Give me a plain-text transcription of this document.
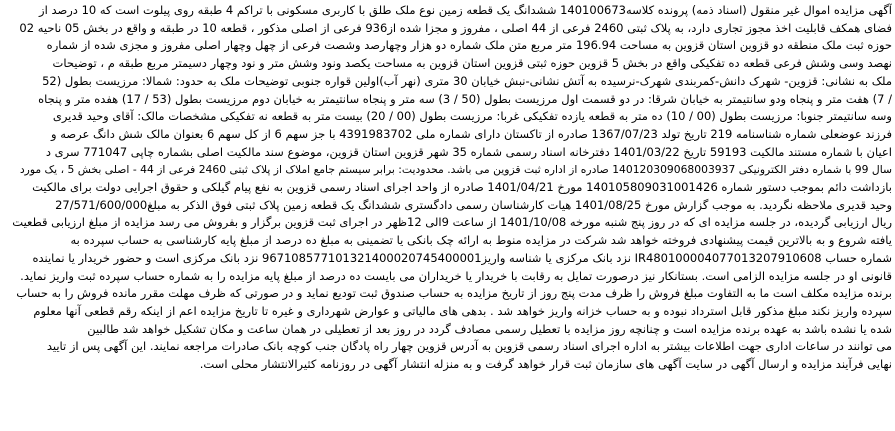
آگهی مزایده اموال غیر منقول (اسناد ذمه) پرونده کلاسه140100673 ششدانگ یک قطعه زمین نوع ملک طلق با کاربری مسکونی با تراکم 4 طبقه روی پیلوت است که 10 درصد از
فضای همکف قابلیت اخذ مجوز تجاری دارد، به پلاک ثبتی 2460 فرعی از 44 اصلی ، مفروز و مجزا شده از936 فرعی از اصلی مذکور ، قطعه 10 در طبقه و واقع در بخش 05 ناحیه 02
حوزه ثبت ملک منطقه دو قزوین استان قزوین به مساحت 196.94 متر مربع متن ملک شماره دو هزار وچهارصد وشصت فرعی از چهل وچهار اصلی مفروز و مجزی شده از شماره
نهصد وسی وشش فرعی قطعه ده تفکیکی واقع در بخش 5 قزوین حوزه ثبتی قزوین استان قزوین به مساحت یکصد ونود وشش متر و نود وچهار دسیمتر مربع طبقه م ، توضیحات
ملک به نشانی: قزوین- شهرک دانش-کمربندی شهرک-نرسیده به آتش نشانی-نبش خیابان 30 متری (نهر آب)اولین قواره جنوبی توضیحات ملک به حدود: شمالا: مرزیست بطول (52
/ 7) هفت متر و پنجاه ودو سانتیمتر به خیابان شرقا: در دو قسمت اول مرزیست بطول (50 / 3) سه متر و پنجاه سانتیمتر به خیابان دوم مرزیست بطول (53 / 17) هفده متر و پنجاه
وسه سانتیمتر جنوبا: مرزیست بطول (00 / 10) ده متر به قطعه یازده تفکیکی غربا: مرزیست بطول (00 / 20) بیست متر به قطعه نه تفکیکی مشخصات مالک: آقای وحید قدیری
فرزند عوضعلی شماره شناسنامه 219 تاریخ تولد 1367/07/23 صادره از تاکستان دارای شماره ملی 4391983702 با جز سهم 6 از کل سهم 6 بعنوان مالک شش دانگ عرصه و
اعیان با شماره مستند مالکیت 59193 تاریخ 1401/03/22 دفترخانه اسناد رسمی شماره 35 شهر قزوین استان قزوین، موضوع سند مالکیت اصلی بشماره چاپی 771047 سری د
سال 99 با شماره دفتر الکترونیکی 140120309068003937 صادره از اداره ثبت قزوین می باشد. محدودیت: برابر سیستم جامع املاک از پلاک ثبتی 2460 فرعی از 44 - اصلی بخش 5 ، یک مورد
بازداشت دائم بموجب دستور شماره 140105809031001426 مورخ 1401/04/21 صادره از واحد اجرای اسناد رسمی قزوین به نفع پیام گیلکی و حقوق اجرایی دولت برای مالکیت
وحید قدیری ملاحظه نگردید. به موجب گزارش مورخ 1401/08/25 هیات کارشناسان رسمی دادگستری ششدانگ یک قطعه زمین پلاک ثبتی فوق الذکر به مبلغ27/571/600/000
ریال ارزیابی گردیده، در جلسه مزایده ای که در روز پنج شنبه مورخه 1401/10/08 از ساعت 9الی 12ظهر در اجرای ثبت قزوین برگزار و بفروش می رسد مزایده از مبلغ ارزیابی قطعیت
یافته شروع و به بالاترین قیمت پیشنهادی فروخته خواهد شد شرکت در مزایده منوط به ارائه چک بانکی یا تضمینی به مبلغ ده درصد از مبلغ پایه کارشناسی به حساب سپرده به
شماره حساب IR480100004077013207910608 نزد بانک مرکزی یا شناسه واریز967108577101321400020745400001 نزد بانک مرکزی است و حضور خریدار یا نماینده
قانونی او در جلسه مزایده الزامی است. بستانکار نیز درصورت تمایل به رقابت با خریدار یا خریداران می بایست ده درصد از مبلغ پایه مزایده را به شماره حساب سپرده ثبت واریز نماید.
برنده مزایده مکلف است ما به التفاوت مبلغ فروش را ظرف مدت پنج روز از تاریخ مزایده به حساب صندوق ثبت تودیع نماید و در صورتی که ظرف مهلت مقرر مانده فروش را به حساب
سپرده واریز نکند مبلغ مذکور قابل استرداد نبوده و به حساب خزانه واریز خواهد شد . بدهی های مالیاتی و عوارض شهرداری و غیره تا تاریخ مزایده اعم از اینکه رقم قطعی آنها معلوم
شده یا نشده باشد به عهده برنده مزایده است و چنانچه روز مزایده با تعطیل رسمی مصادف گردد در روز بعد از تعطیلی در همان ساعت و مکان تشکیل خواهد شد طالبین
می توانند در ساعات اداری جهت اطلاعات بیشتر به اداره اجرای اسناد رسمی قزوین به آدرس قزوین چهار راه پادگان جنب کوچه بانک صادرات مراجعه نمایند. این آگهی پس از تایید
نهایی فرآیند مزایده و ارسال آگهی در سایت آگهی های سازمان ثبت قرار خواهد گرفت و به منزله انتشار آگهی در روزنامه کثیرالانتشار محلی است.
